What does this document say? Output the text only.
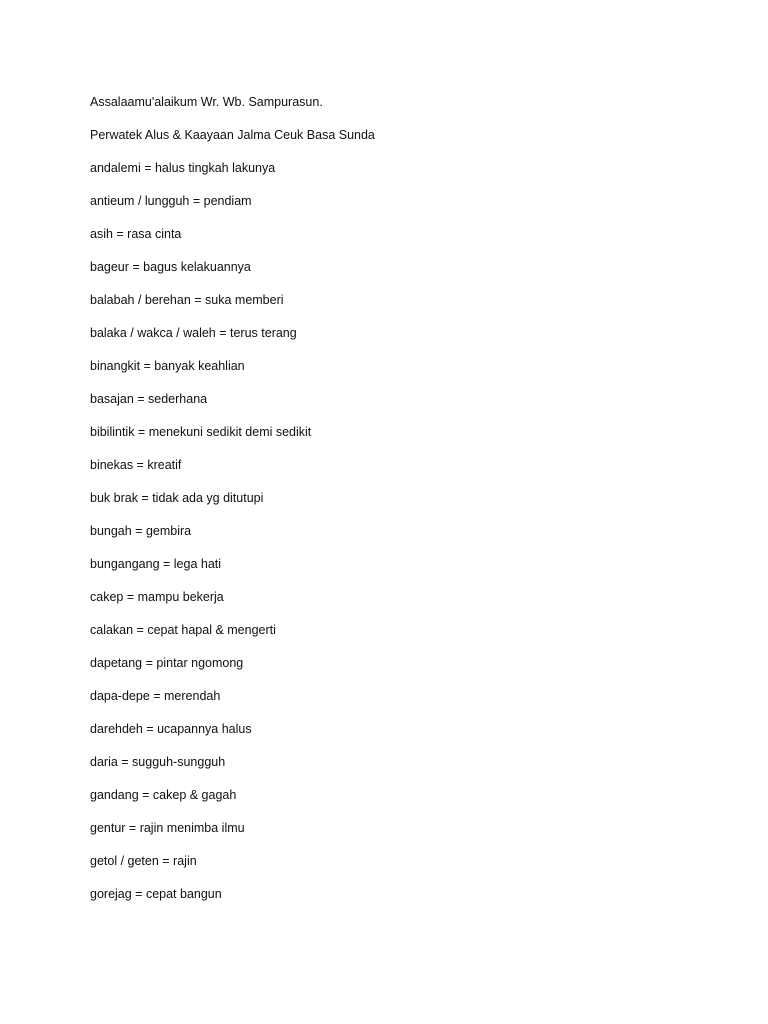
Assalaamu'alaikum Wr. Wb. Sampurasun.
Perwatek Alus & Kaayaan Jalma Ceuk Basa Sunda
andalemi = halus tingkah lakunya
antieum / lungguh = pendiam
asih = rasa cinta
bageur = bagus kelakuannya
balabah / berehan = suka memberi
balaka / wakca / waleh = terus terang
binangkit = banyak keahlian
basajan = sederhana
bibilintik = menekuni sedikit demi sedikit
binekas = kreatif
buk brak = tidak ada yg ditutupi
bungah = gembira
bungangang = lega hati
cakep = mampu bekerja
calakan = cepat hapal & mengerti
dapetang = pintar ngomong
dapa-depe = merendah
darehdeh = ucapannya halus
daria = sugguh-sungguh
gandang = cakep & gagah
gentur = rajin menimba ilmu
getol / geten = rajin
gorejag = cepat bangun
